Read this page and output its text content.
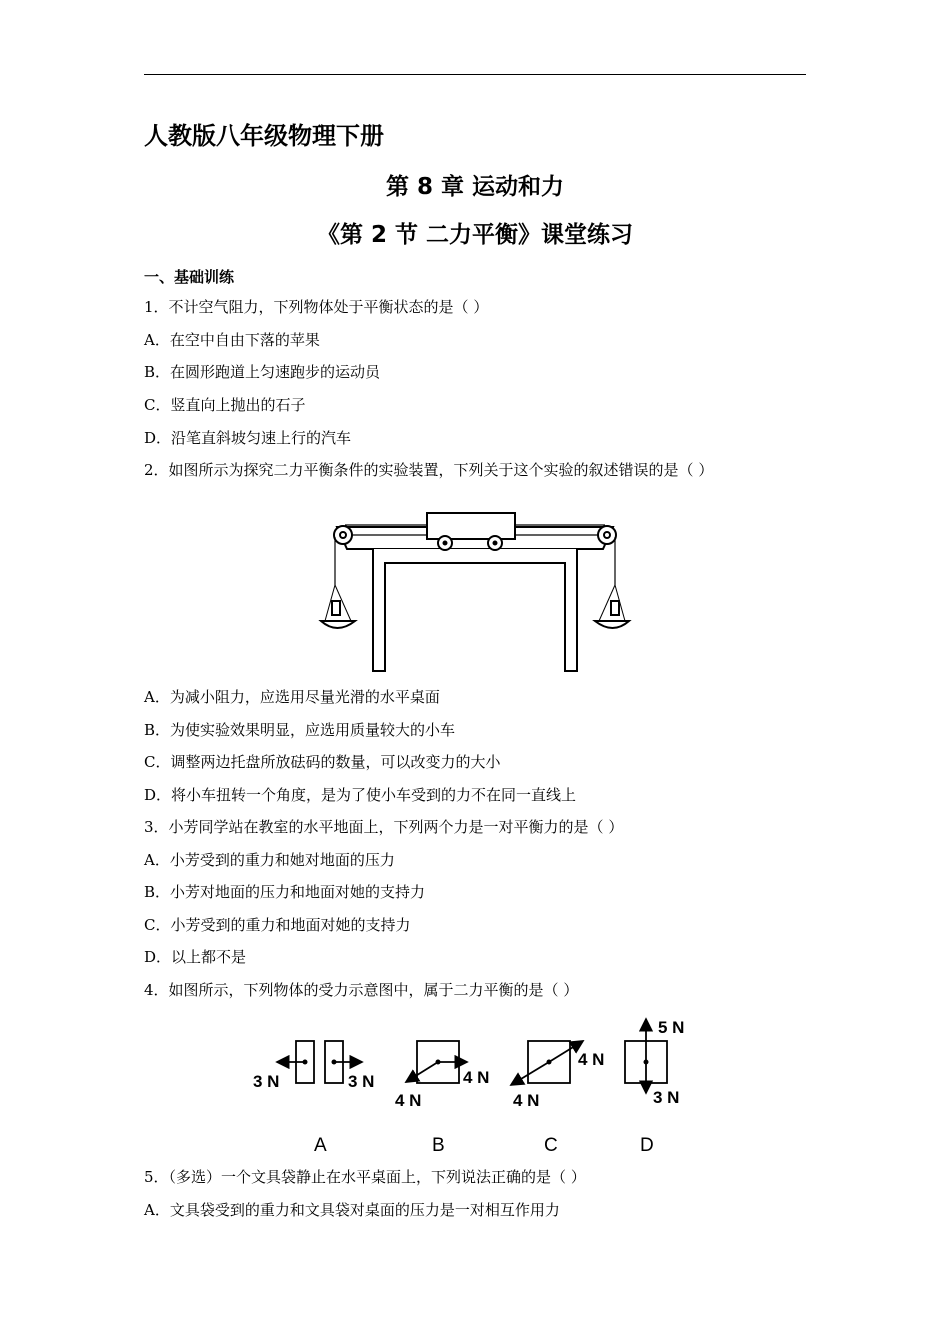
人教版八年级物理下册
第 8 章 运动和力
《第 2 节 二力平衡》课堂练习
一、基础训练
1．不计空气阻力，下列物体处于平衡状态的是（ ）
A．在空中自由下落的苹果
B．在圆形跑道上匀速跑步的运动员
C．竖直向上抛出的石子
D．沿笔直斜坡匀速上行的汽车
2．如图所示为探究二力平衡条件的实验装置，下列关于这个实验的叙述错误的是（ ）
A．为减小阻力，应选用尽量光滑的水平桌面
B．为使实验效果明显，应选用质量较大的小车
C．调整两边托盘所放砝码的数量，可以改变力的大小
D．将小车扭转一个角度，是为了使小车受到的力不在同一直线上
3．小芳同学站在教室的水平地面上，下列两个力是一对平衡力的是（ ）
A．小芳受到的重力和她对地面的压力
B．小芳对地面的压力和地面对她的支持力
C．小芳受到的重力和地面对她的支持力
D．以上都不是
4．如图所示，下列物体的受力示意图中，属于二力平衡的是（ ）
3 N	3 N	4 N
4 N
4 N
4 N
5 N
3 N
A	B	C	D
5．（多选）一个文具袋静止在水平桌面上，下列说法正确的是（ ）
A．文具袋受到的重力和文具袋对桌面的压力是一对相互作用力
